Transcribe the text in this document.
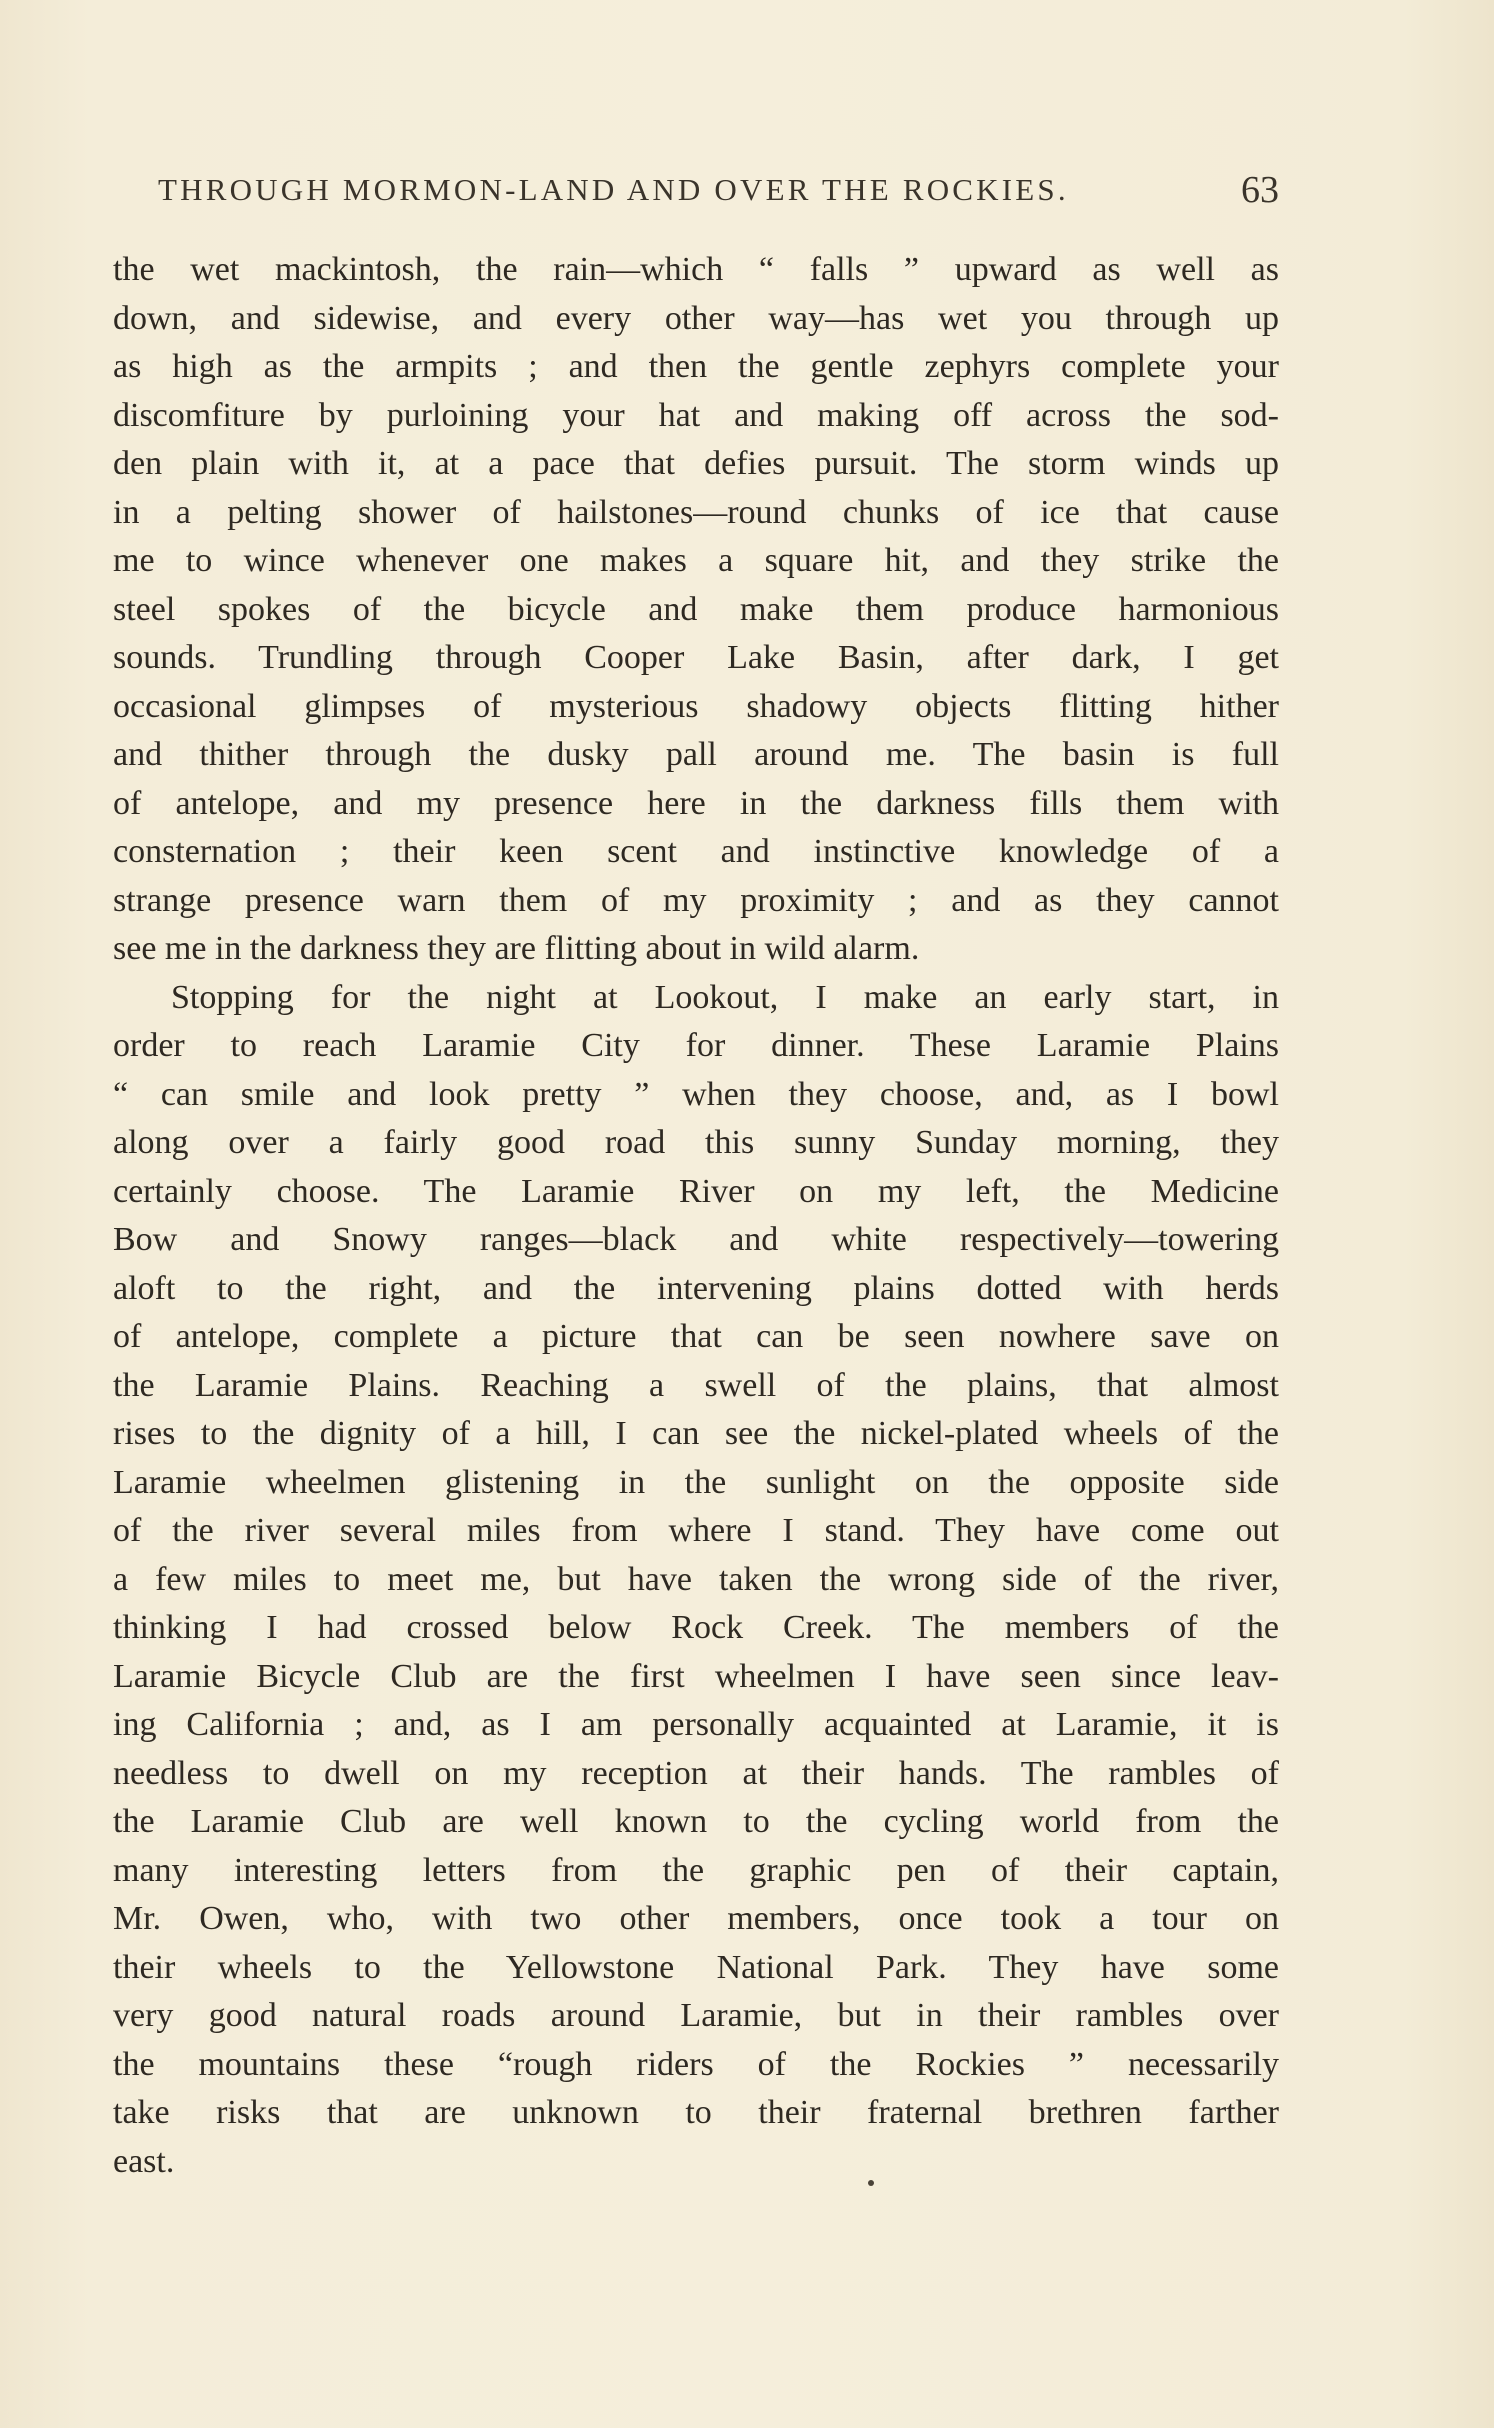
THROUGH MORMON-LAND AND OVER THE ROCKIES.	63
the wet mackintosh, the rain—which “ falls ” upward as well as
down, and sidewise, and every other way—has wet you through up
as high as the armpits ; and then the gentle zephyrs complete your
discomfiture by purloining your hat and making off across the sod-
den plain with it, at a pace that defies pursuit. The storm winds up
in a pelting shower of hailstones—round chunks of ice that cause
me to wince whenever one makes a square hit, and they strike the
steel spokes of the bicycle and make them produce harmonious
sounds. Trundling through Cooper Lake Basin, after dark, I get
occasional glimpses of mysterious shadowy objects flitting hither
and thither through the dusky pall around me. The basin is full
of antelope, and my presence here in the darkness fills them with
consternation ; their keen scent and instinctive knowledge of a
strange presence warn them of my proximity ; and as they cannot
see me in the darkness they are flitting about in wild alarm.
Stopping for the night at Lookout, I make an early start, in
order to reach Laramie City for dinner. These Laramie Plains
“ can smile and look pretty ” when they choose, and, as I bowl
along over a fairly good road this sunny Sunday morning, they
certainly choose. The Laramie River on my left, the Medicine
Bow and Snowy ranges—black and white respectively—towering
aloft to the right, and the intervening plains dotted with herds
of antelope, complete a picture that can be seen nowhere save on
the Laramie Plains. Reaching a swell of the plains, that almost
rises to the dignity of a hill, I can see the nickel-plated wheels of the
Laramie wheelmen glistening in the sunlight on the opposite side
of the river several miles from where I stand. They have come out
a few miles to meet me, but have taken the wrong side of the river,
thinking I had crossed below Rock Creek. The members of the
Laramie Bicycle Club are the first wheelmen I have seen since leav-
ing California ; and, as I am personally acquainted at Laramie, it is
needless to dwell on my reception at their hands. The rambles of
the Laramie Club are well known to the cycling world from the
many interesting letters from the graphic pen of their captain,
Mr. Owen, who, with two other members, once took a tour on
their wheels to the Yellowstone National Park. They have some
very good natural roads around Laramie, but in their rambles over
the mountains these “rough riders of the Rockies ” necessarily
take risks that are unknown to their fraternal brethren farther
east.
